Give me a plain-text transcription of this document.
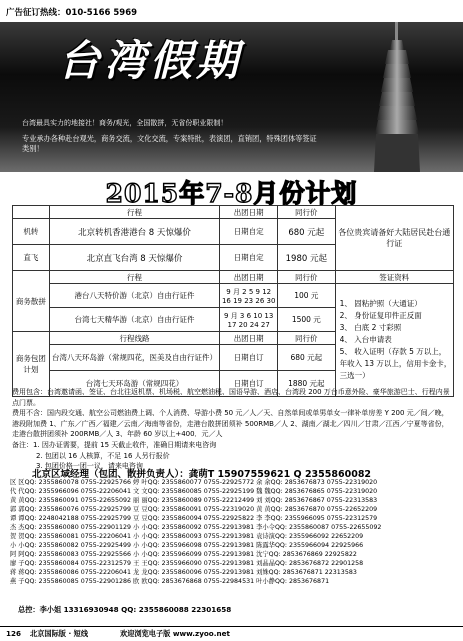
广告征订热线：010-5166 5969
台湾假期
台湾最具实力的地接社！商务/观光，全国散拼，无省份职业限制！
专业承办各种赴台观光，商务交流，文化交流，专案特批，表演团，直销团，特殊团体等签证类别！
2015年7-8月份计划
	行程	出团日期	同行价	各位贵宾请备好大陆居民赴台通行证
机转	北京转机香港港台 8 天惊爆价	日期自定	680 元起	
直飞	北京直飞台湾 8 天惊爆价	日期自定	1980 元起	
商务散拼	行程	出团日期	同行价	签证资料
	港台八天特价游（北京）自由行证件	9 月 2 5 9 12 16 19 23 26 30	100 元	1、 固粘护照（大通证）
2、 身份证复印件正反面
3、 白底 2 寸彩照
4、 入台申请表
5、 收入证明（存款 5 万以上，年收入 13 万以上，信用卡金卡，三选一）

	台湾七天精华游（北京）自由行证件	9 月 3 6 10 13 17 20 24 27	1500 元	
商务包团计划	行程线路	出团日期	同行价	
	台湾八天环岛游（常规四花，医美及自由行证件）	日期自订	680 元起	
	台湾七天环岛游（常规四花）	日期自订	1880 元起	
费用包含：台湾邀请函、签证、台北往返机票、机场税、航空燃油税、国语导游、酒店、台湾段 200 万台币意外险、豪华旅游巴士、行程内景点门票。
费用不含：国内段交通、航空公司燃油费上调、个人消费、导游小费 50 元／人／天、自然单间或单男单女一律补单房差 Y 200 元／间／晚，港段附加费 1、广东／广西／福建／云南／海南等省份，走港台散拼团须补 500RMB／人 2、湖南／湖北／四川／甘肃／江西／宁夏等省份，走港台散拼团须补 200RMB／人 3、年龄 60 岁以上+400．元／人
备注：1. 因办证需要，提前 15 天截止收件，准确日期请来电咨询
2. 包团以 16 人核算，不足 16 人另行报价
3. 包团价格一团一议，请来电咨询
北京区域经理（包团、散拼负责人）：龚萌T 15907559621 Q 2355860082
区 区QQ: 2355860078 0755-22925766 婷 叶QQ: 2355860077 0755-22925772 余 余QQ: 2853676873 0755-22319020
代 代QQ: 2355966096 0755-22206041 文 文QQ: 2355860085 0755-22925199 魏 魏QQ: 2853676865 0755-22319020
黄 黄QQ: 2355860091 0755-22655092 丽 丽QQ: 2355860089 0755-22212499 刘 刘QQ: 2853676867 0755-22313583
郭 郭QQ: 2355860076 0755-22925799 豆 豆QQ: 2355860091 0755-22319020 黄 黄QQ: 2853676870 0755-22652209
谭 谭QQ: 2248042188 0755-22925799 豆 豆QQ: 2355860094 0755-22925822 李 李QQ: 2355966095 0755-22312579
杰 杰QQ: 2355860080 0755-22901129 小 小QQ: 2355860092 0755-22913981 李小令QQ: 2355860087 0755-22655092
贺 贺QQ: 2355860081 0755-22206041 小 小QQ: 2355860093 0755-22913981 袁诗演QQ: 2355966092 22652209
小 小QQ: 2355860082 0755-22925499 小 小QQ: 2355966098 0755-22913981 陈露华QQ: 2355966094 22925966
阿 阿QQ: 2355860083 0755-22925566 小 小QQ: 2355966099 0755-22913981 沈宁QQ: 2853676869 22925822
廖 子QQ: 2355860084 0755-22312579 王 王QQ: 2355966090 0755-22913981 刘晶晶QQ: 2853676872 22901258
蒋 蒋QQ: 2355860086 0755-22206041 龙 龙QQ: 2355860096 0755-22913981 刘姝QQ: 2853676871 22313583
燕 子QQ: 2355860085 0755-22901286 欧 欧QQ: 2853676868 0755-22984531 叶小静QQ: 2853676871
总控：李小姐 13316930948 QQ: 2355860088 22301658
126 北京国际版 · 短线	欢迎浏览电子版 www.zyoo.net
